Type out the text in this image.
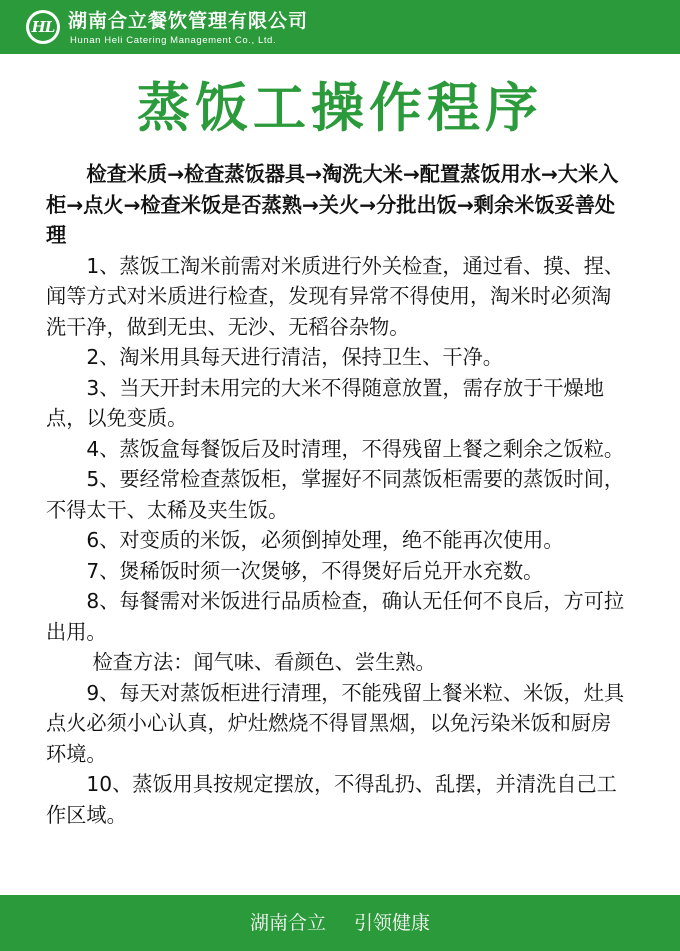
HL 湖南合立餐饮管理有限公司
Hunan Heli Catering Management Co., Ltd.
蒸饭工操作程序

检查米质→检查蒸饭器具→淘洗大米→配置蒸饭用水→大米入柜→点火→检查米饭是否蒸熟→关火→分批出饭→剩余米饭妥善处理

1、蒸饭工淘米前需对米质进行外关检查，通过看、摸、捏、闻等方式对米质进行检查，发现有异常不得使用，淘米时必须淘洗干净，做到无虫、无沙、无稻谷杂物。

2、淘米用具每天进行清洁，保持卫生、干净。

3、当天开封未用完的大米不得随意放置，需存放于干燥地点，以免变质。

4、蒸饭盒每餐饭后及时清理，不得残留上餐之剩余之饭粒。

5、要经常检查蒸饭柜，掌握好不同蒸饭柜需要的蒸饭时间，不得太干、太稀及夹生饭。

6、对变质的米饭，必须倒掉处理，绝不能再次使用。

7、煲稀饭时须一次煲够，不得煲好后兑开水充数。

8、每餐需对米饭进行品质检查，确认无任何不良后，方可拉出用。

检查方法：闻气味、看颜色、尝生熟。

9、每天对蒸饭柜进行清理，不能残留上餐米粒、米饭，灶具点火必须小心认真，炉灶燃烧不得冒黑烟，以免污染米饭和厨房环境。

10、蒸饭用具按规定摆放，不得乱扔、乱摆，并清洗自己工作区域。

湖南合立 引领健康
